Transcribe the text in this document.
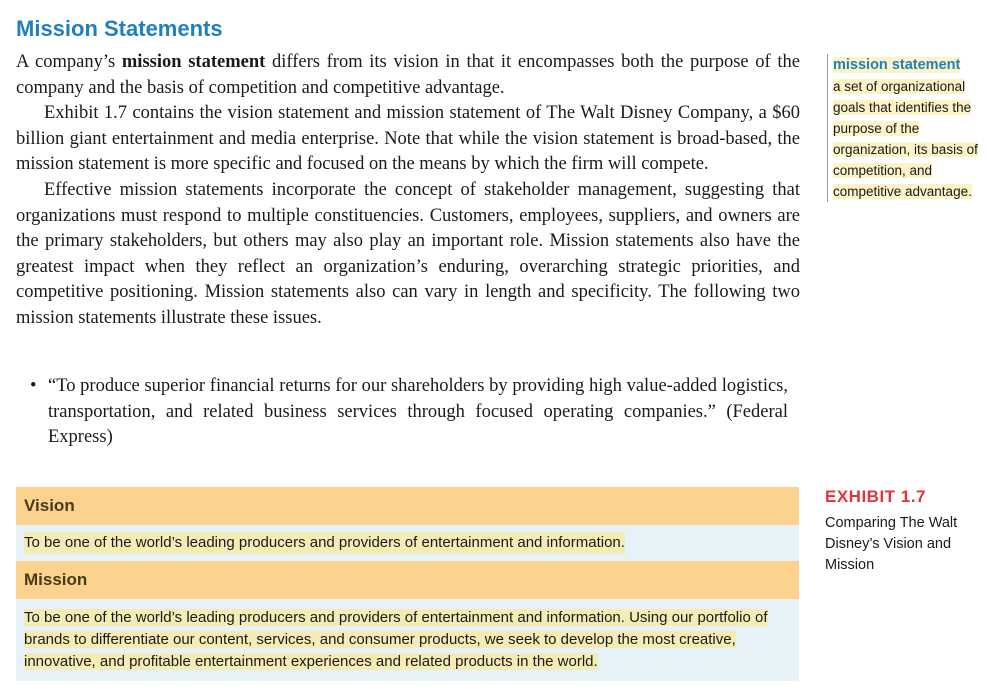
Mission Statements

A company’s mission statement differs from its vision in that it encompasses both the purpose of the company and the basis of competition and competitive advantage.

Exhibit 1.7 contains the vision statement and mission statement of The Walt Disney Company, a $60 billion giant entertainment and media enterprise. Note that while the vision statement is broad-based, the mission statement is more specific and focused on the means by which the firm will compete.

Effective mission statements incorporate the concept of stakeholder management, suggesting that organizations must respond to multiple constituencies. Customers, employees, suppliers, and owners are the primary stakeholders, but others may also play an important role. Mission statements also have the greatest impact when they reflect an organization’s enduring, overarching strategic priorities, and competitive positioning. Mission statements also can vary in length and specificity. The following two mission statements illustrate these issues.

• “To produce superior financial returns for our shareholders by providing high value-added logistics, transportation, and related business services through focused operating companies.” (Federal Express)
mission statement
a set of organizational goals that identifies the purpose of the organization, its basis of competition, and competitive advantage.
Vision
To be one of the world’s leading producers and providers of entertainment and information.
Mission
To be one of the world’s leading producers and providers of entertainment and information. Using our portfolio of brands to differentiate our content, services, and consumer products, we seek to develop the most creative, innovative, and profitable entertainment experiences and related products in the world.
EXHIBIT 1.7
Comparing The Walt Disney’s Vision and Mission
